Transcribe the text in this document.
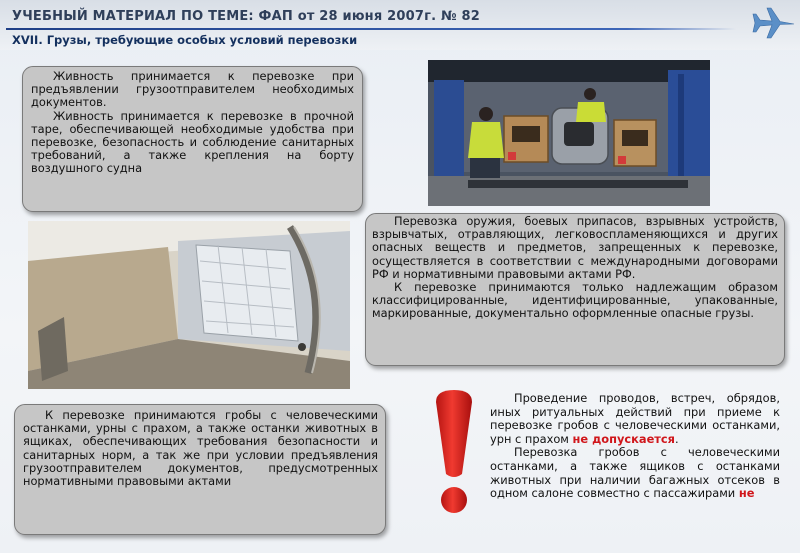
УЧЕБНЫЙ МАТЕРИАЛ ПО ТЕМЕ: ФАП от 28 июня 2007г. № 82
XVII. Грузы, требующие особых условий перевозки

Живность принимается к перевозке при предъявлении грузоотправителем необходимых документов.

Живность принимается к перевозке в прочной таре, обеспечивающей необходимые удобства при перевозке, безопасность и соблюдение санитарных требований, а также крепления на борту воздушного судна

Перевозка оружия, боевых припасов, взрывных устройств, взрывчатых, отравляющих, легковоспламеняющихся и других опасных веществ и предметов, запрещенных к перевозке, осуществляется в соответствии с международными договорами РФ и нормативными правовыми актами РФ.

К перевозке принимаются только надлежащим образом классифицированные, идентифицированные, упакованные, маркированные, документально оформленные опасные грузы.

К перевозке принимаются гробы с человеческими останками, урны с прахом, а также останки животных в ящиках, обеспечивающих требования безопасности и санитарных норм, а так же при условии предъявления грузоотправителем документов, предусмотренных нормативными правовыми актами

Проведение проводов, встреч, обрядов, иных ритуальных действий при приеме к перевозке гробов с человеческими останками, урн с прахом не допускается.

Перевозка гробов с человеческими останками, а также ящиков с останками животных при наличии багажных отсеков в одном салоне совместно с пассажирами не
